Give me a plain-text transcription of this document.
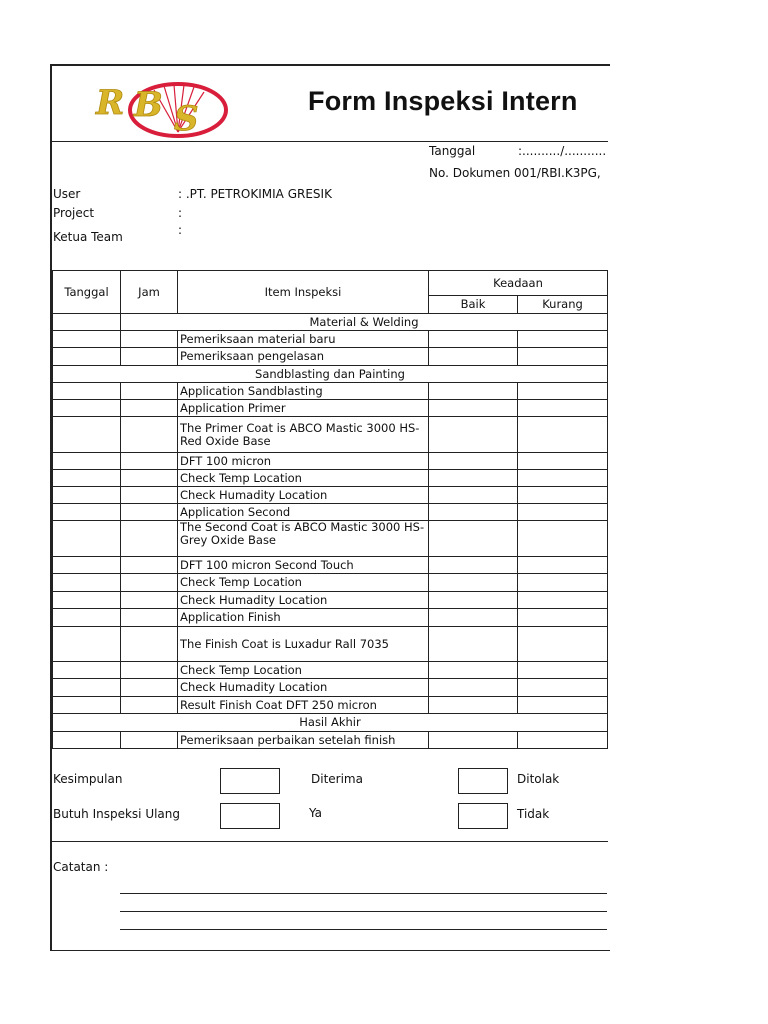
R B S	Form Inspeksi Intern
Tanggal	:........../...........
No. Dokumen 001/RBI.K3PG,
User	: .PT. PETROKIMIA GRESIK
Project	:
Ketua Team	:
Tanggal	Jam	Item Inspeksi	Keadaan	
			Baik	Kurang
	Material & Welding			
		Pemeriksaan material baru		
		Pemeriksaan pengelasan		
Sandblasting dan Painting				
		Application Sandblasting		
		Application Primer		
		The Primer Coat is ABCO Mastic 3000 HS-Red Oxide Base		
		DFT 100 micron		
		Check Temp Location		
		Check Humadity Location		
		Application Second		
		The Second Coat is ABCO Mastic 3000 HS-Grey Oxide Base		
		DFT 100 micron Second Touch		
		Check Temp Location		
		Check Humadity Location		
		Application Finish		
		The Finish Coat is Luxadur Rall 7035		
		Check Temp Location		
		Check Humadity Location		
		Result Finish Coat DFT 250 micron		
Hasil Akhir				
		Pemeriksaan perbaikan setelah finish		
Kesimpulan	Diterima	Ditolak
Butuh Inspeksi Ulang	Ya	Tidak
Catatan :
